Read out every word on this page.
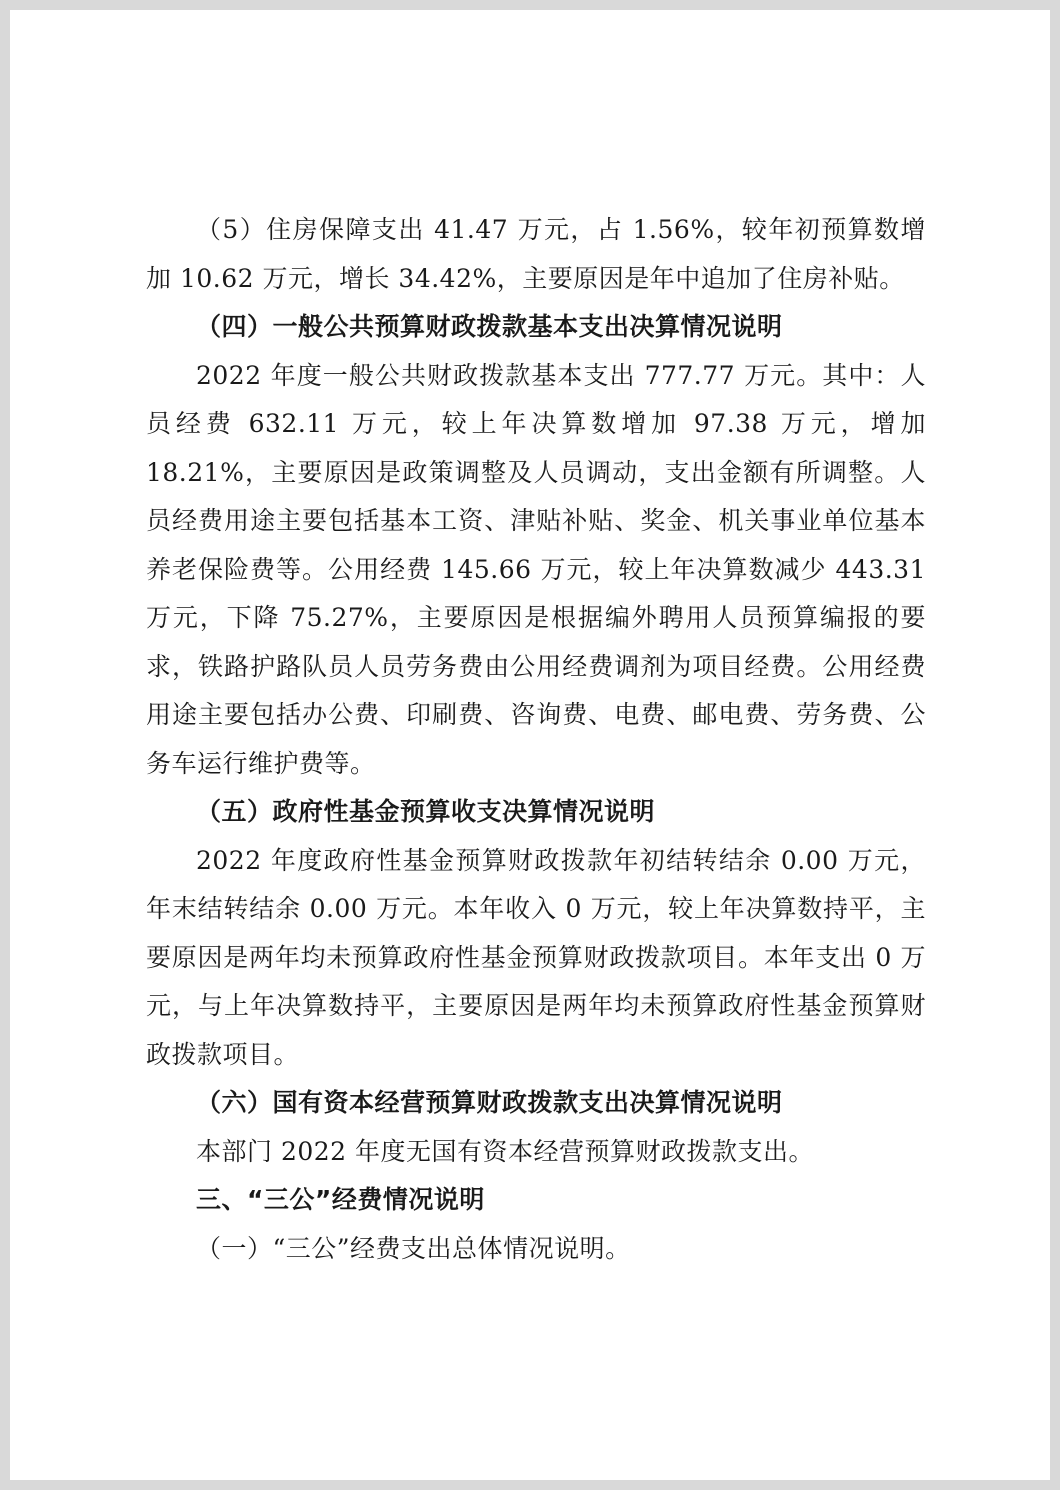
（5）住房保障支出 41.47 万元，占 1.56%，较年初预算数增加 10.62 万元，增长 34.42%，主要原因是年中追加了住房补贴。

（四）一般公共预算财政拨款基本支出决算情况说明

2022 年度一般公共财政拨款基本支出 777.77 万元。其中：人员经费 632.11 万元，较上年决算数增加 97.38 万元，增加 18.21%，主要原因是政策调整及人员调动，支出金额有所调整。人员经费用途主要包括基本工资、津贴补贴、奖金、机关事业单位基本养老保险费等。公用经费 145.66 万元，较上年决算数减少 443.31 万元，下降 75.27%，主要原因是根据编外聘用人员预算编报的要求，铁路护路队员人员劳务费由公用经费调剂为项目经费。公用经费用途主要包括办公费、印刷费、咨询费、电费、邮电费、劳务费、公务车运行维护费等。

（五）政府性基金预算收支决算情况说明

2022 年度政府性基金预算财政拨款年初结转结余 0.00 万元，年末结转结余 0.00 万元。本年收入 0 万元，较上年决算数持平，主要原因是两年均未预算政府性基金预算财政拨款项目。本年支出 0 万元，与上年决算数持平，主要原因是两年均未预算政府性基金预算财政拨款项目。

（六）国有资本经营预算财政拨款支出决算情况说明

本部门 2022 年度无国有资本经营预算财政拨款支出。

三、“三公”经费情况说明

（一）“三公”经费支出总体情况说明。
